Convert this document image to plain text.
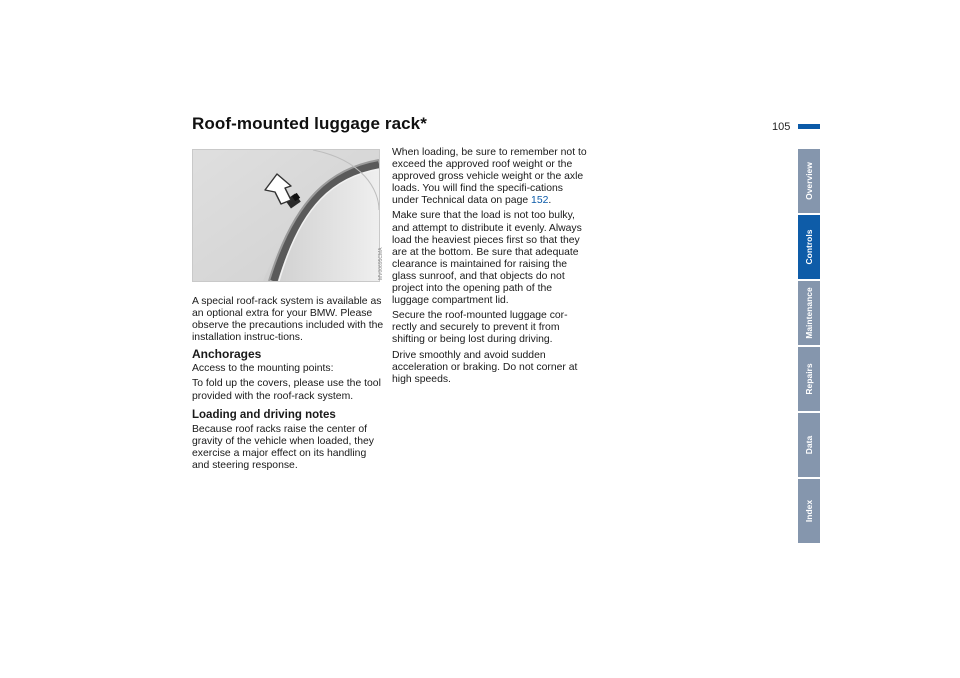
Roof-mounted luggage rack*	105
MV00695CMA

A special roof-rack system is available as an optional extra for your BMW. Please observe the precautions included with the installation instruc-tions.

Anchorages

Access to the mounting points:

To fold up the covers, please use the tool provided with the roof-rack system.

Loading and driving notes

Because roof racks raise the center of gravity of the vehicle when loaded, they exercise a major effect on its handling and steering response.

When loading, be sure to remember not to exceed the approved roof weight or the approved gross vehicle weight or the axle loads. You will find the specifi-cations under Technical data on page 152.

Make sure that the load is not too bulky, and attempt to distribute it evenly. Always load the heaviest pieces first so that they are at the bottom. Be sure that adequate clearance is maintained for raising the glass sunroof, and that objects do not project into the opening path of the luggage compartment lid.

Secure the roof-mounted luggage cor-rectly and securely to prevent it from shifting or being lost during driving.

Drive smoothly and avoid sudden acceleration or braking. Do not corner at high speeds.

Overview
Controls
Maintenance
Repairs
Data
Index
